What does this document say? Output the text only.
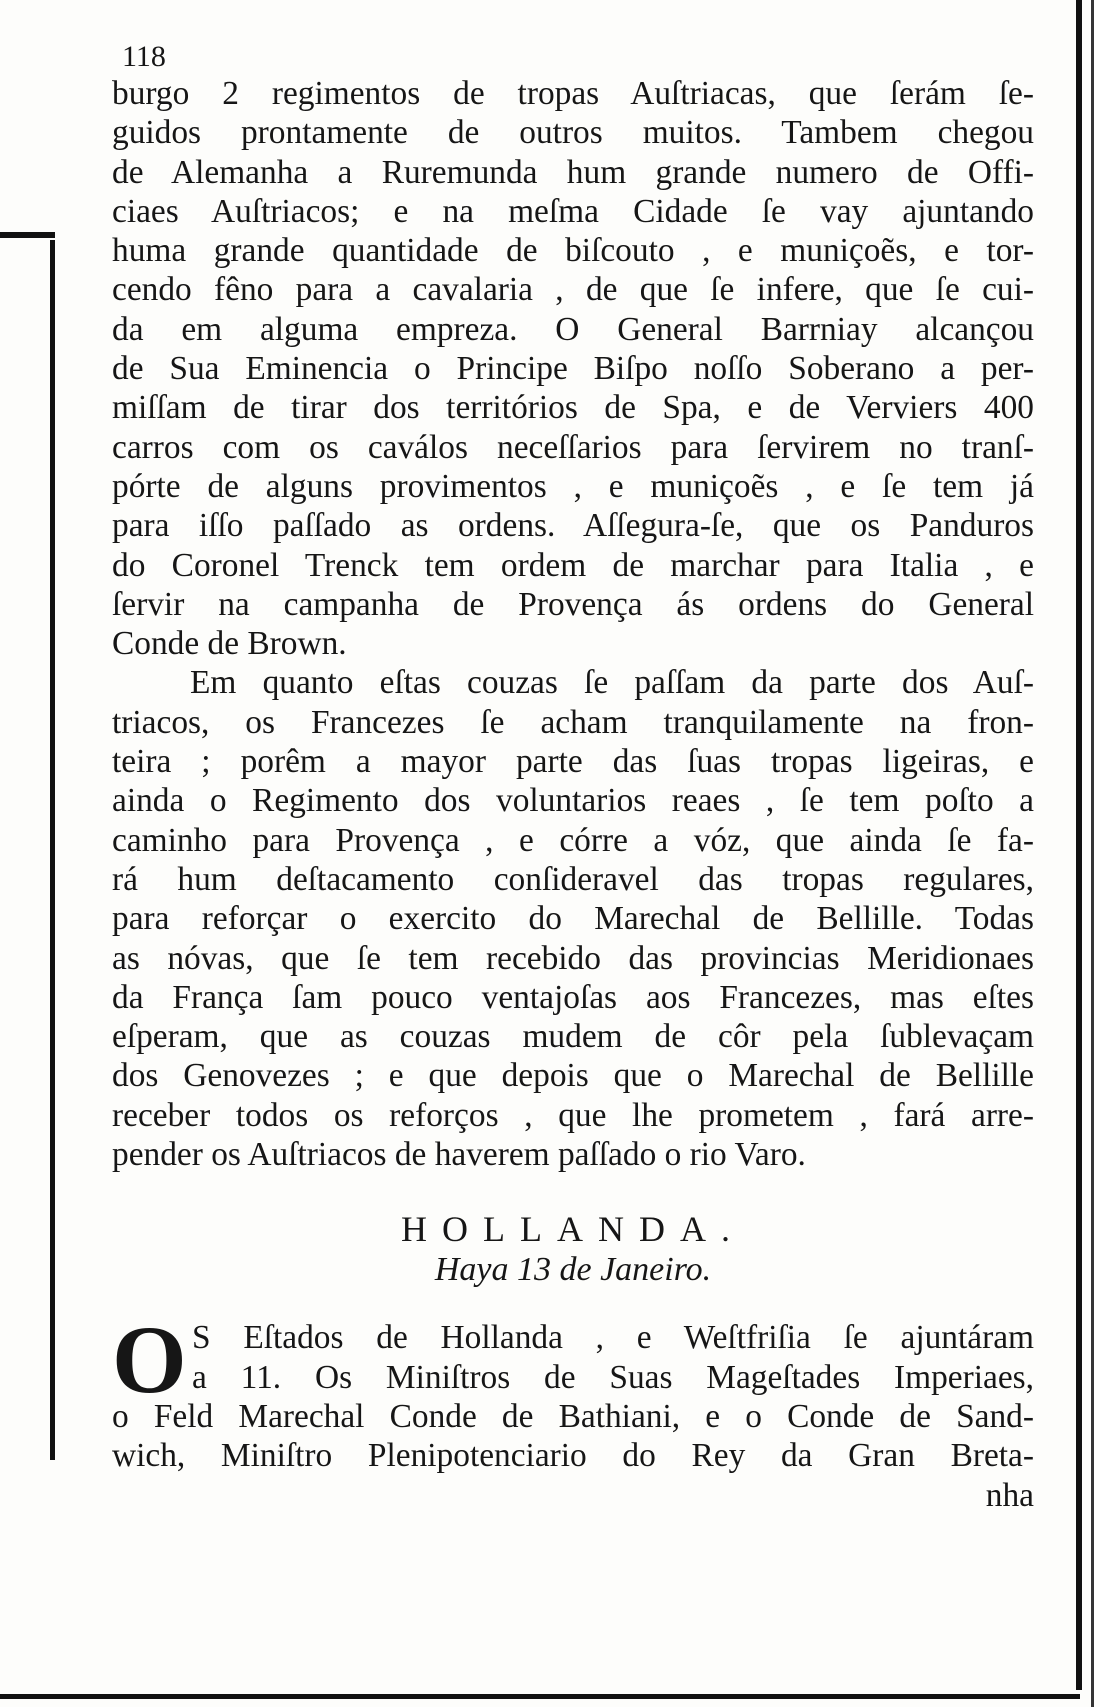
118
burgo 2 regimentos de tropas Auſtriacas, que ſerám ſe-
guidos prontamente de outros muitos. Tambem chegou
de Alemanha a Ruremunda hum grande numero de Offi-
ciaes Auſtriacos; e na meſma Cidade ſe vay ajuntando
huma grande quantidade de biſcouto , e muniçoẽs, e tor-
cendo fêno para a cavalaria , de que ſe infere, que ſe cui-
da em alguma empreza. O General Barrniay alcançou
de Sua Eminencia o Principe Biſpo noſſo Soberano a per-
miſſam de tirar dos territórios de Spa, e de Verviers 400
carros com os caválos neceſſarios para ſervirem no tranſ-
pórte de alguns provimentos , e muniçoẽs , e ſe tem já
para iſſo paſſado as ordens. Aſſegura-ſe, que os Panduros
do Coronel Trenck tem ordem de marchar para Italia , e
ſervir na campanha de Provença ás ordens do General
Conde de Brown.
Em quanto eſtas couzas ſe paſſam da parte dos Auſ-
triacos, os Francezes ſe acham tranquilamente na fron-
teira ; porêm a mayor parte das ſuas tropas ligeiras, e
ainda o Regimento dos voluntarios reaes , ſe tem poſto a
caminho para Provença , e córre a vóz, que ainda ſe fa-
rá hum deſtacamento conſideravel das tropas regulares,
para reforçar o exercito do Marechal de Bellille. Todas
as nóvas, que ſe tem recebido das provincias Meridionaes
da França ſam pouco ventajoſas aos Francezes, mas eſtes
eſperam, que as couzas mudem de côr pela ſublevaçam
dos Genovezes ; e que depois que o Marechal de Bellille
receber todos os reforços , que lhe prometem , fará arre-
pender os Auſtriacos de haverem paſſado o rio Varo.
HOLLANDA.
Haya 13 de Janeiro.
O S Eſtados de Hollanda , e Weſtfriſia ſe ajuntáram
a 11. Os Miniſtros de Suas Mageſtades Imperiaes,
o Feld Marechal Conde de Bathiani, e o Conde de Sand-
wich, Miniſtro Plenipotenciario do Rey da Gran Breta-
nha
